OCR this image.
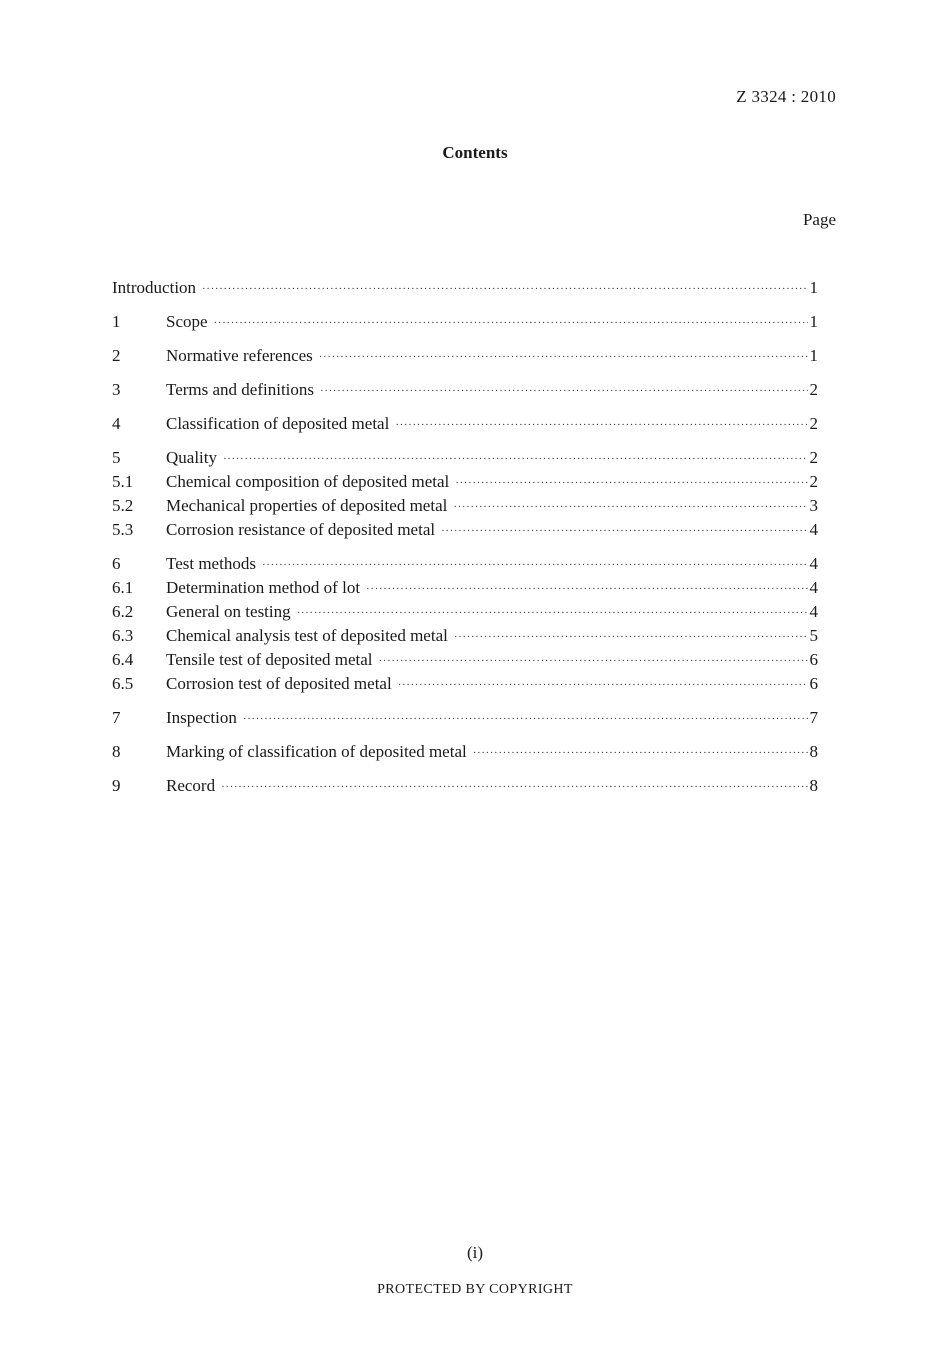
Z 3324 : 2010
Contents
Page
Introduction ·····	1
1	Scope ·····	1
2	Normative references ·····	1
3	Terms and definitions ·····	2
4	Classification of deposited metal ·····	2
5	Quality ·····	2
5.1	Chemical composition of deposited metal ·····	2
5.2	Mechanical properties of deposited metal ·····	3
5.3	Corrosion resistance of deposited metal ·····	4
6	Test methods ·····	4
6.1	Determination method of lot ·····	4
6.2	General on testing ·····	4
6.3	Chemical analysis test of deposited metal ·····	5
6.4	Tensile test of deposited metal ·····	6
6.5	Corrosion test of deposited metal ·····	6
7	Inspection ·····	7
8	Marking of classification of deposited metal ·····	8
9	Record ·····	8
(i)
PROTECTED BY COPYRIGHT
